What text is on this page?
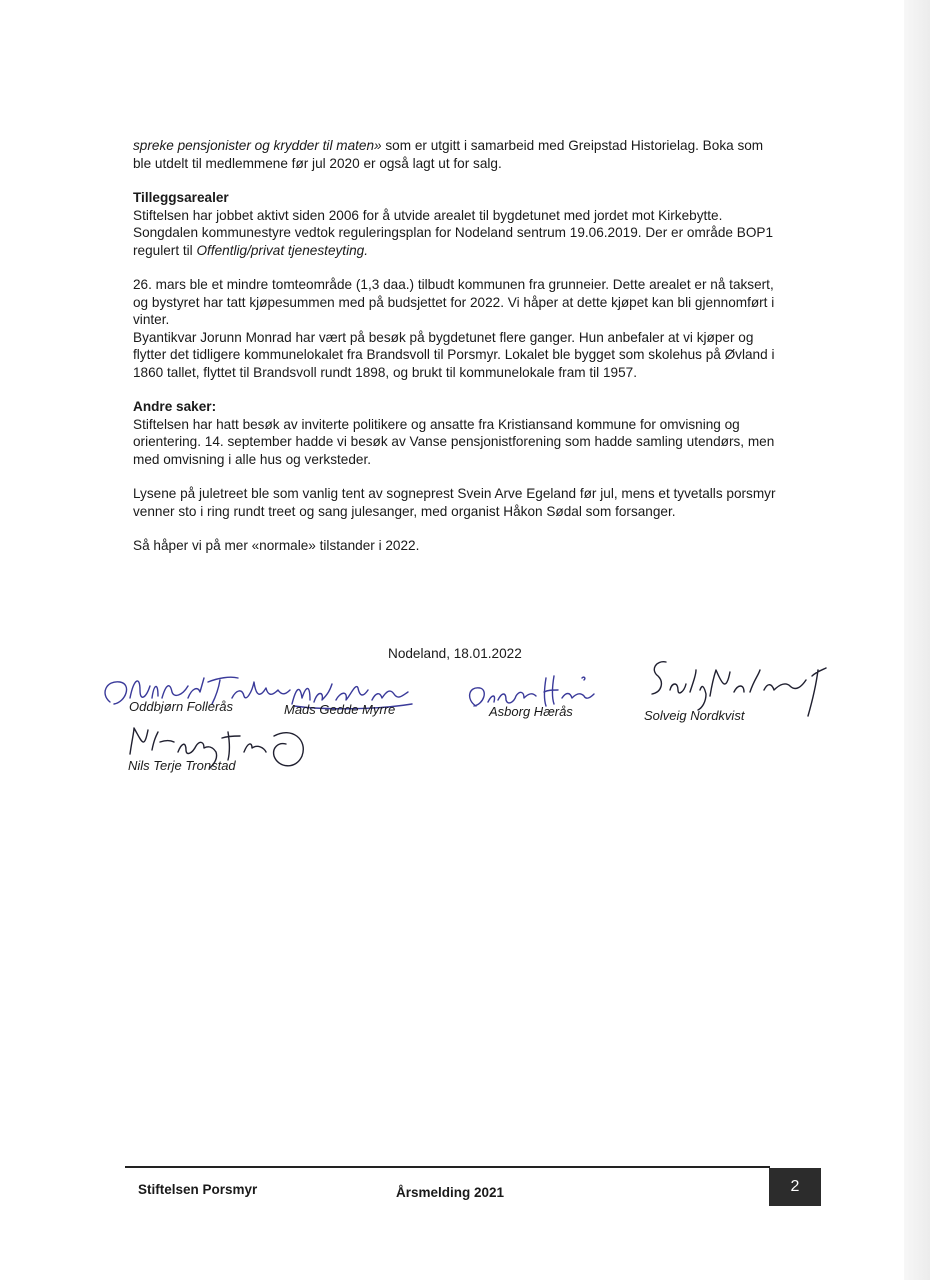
spreke pensjonister og krydder til maten» som er utgitt i samarbeid med Greipstad Historielag. Boka som ble utdelt til medlemmene før jul 2020 er også lagt ut for salg.

Tilleggsarealer

Stiftelsen har jobbet aktivt siden 2006 for å utvide arealet til bygdetunet med jordet mot Kirkebytte. Songdalen kommunestyre vedtok reguleringsplan for Nodeland sentrum 19.06.2019. Der er område BOP1 regulert til Offentlig/privat tjenesteyting.

26. mars ble et mindre tomteområde (1,3 daa.) tilbudt kommunen fra grunneier. Dette arealet er nå taksert, og bystyret har tatt kjøpesummen med på budsjettet for 2022. Vi håper at dette kjøpet kan bli gjennomført i vinter.

Byantikvar Jorunn Monrad har vært på besøk på bygdetunet flere ganger. Hun anbefaler at vi kjøper og flytter det tidligere kommunelokalet fra Brandsvoll til Porsmyr. Lokalet ble bygget som skolehus på Øvland i 1860 tallet, flyttet til Brandsvoll rundt 1898, og brukt til kommunelokale fram til 1957.

Andre saker:

Stiftelsen har hatt besøk av inviterte politikere og ansatte fra Kristiansand kommune for omvisning og orientering. 14. september hadde vi besøk av Vanse pensjonistforening som hadde samling utendørs, men med omvisning i alle hus og verksteder.

Lysene på juletreet ble som vanlig tent av sogneprest Svein Arve Egeland før jul, mens et tyvetalls porsmyr venner sto i ring rundt treet og sang julesanger, med organist Håkon Sødal som forsanger.

Så håper vi på mer «normale» tilstander i 2022.

Nodeland, 18.01.2022
Oddbjørn Follerås	Mads Gedde Myrre	Asborg Hærås	Solveig Nordkvist
Nils Terje Tronstad
Stiftelsen Porsmyr	Årsmelding 2021	2
